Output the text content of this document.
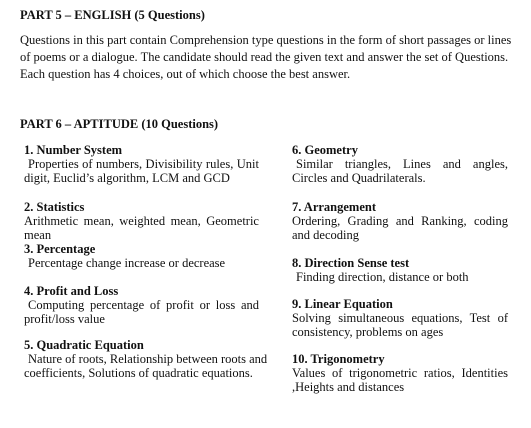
PART 5 – ENGLISH (5 Questions)
Questions in this part contain Comprehension type questions in the form of short passages or lines
of poems or a dialogue. The candidate should read the given text and answer the set of Questions.
Each question has 4 choices, out of which choose the best answer.
PART 6 – APTITUDE (10 Questions)
1. Number System
Properties of numbers, Divisibility rules, Unit
digit, Euclid’s algorithm, LCM and GCD
2. Statistics
Arithmetic mean, weighted mean, Geometric
mean
3. Percentage
Percentage change increase or decrease
4. Profit and Loss
Computing percentage of profit or loss and
profit/loss value
5. Quadratic Equation
Nature of roots, Relationship between roots and
coefficients, Solutions of quadratic equations.
6. Geometry
Similar triangles, Lines and angles,
Circles and Quadrilaterals.
7. Arrangement
Ordering, Grading and Ranking, coding
and decoding
8. Direction Sense test
Finding direction, distance or both
9. Linear Equation
Solving simultaneous equations, Test of
consistency, problems on ages
10. Trigonometry
Values of trigonometric ratios, Identities
,Heights and distances
